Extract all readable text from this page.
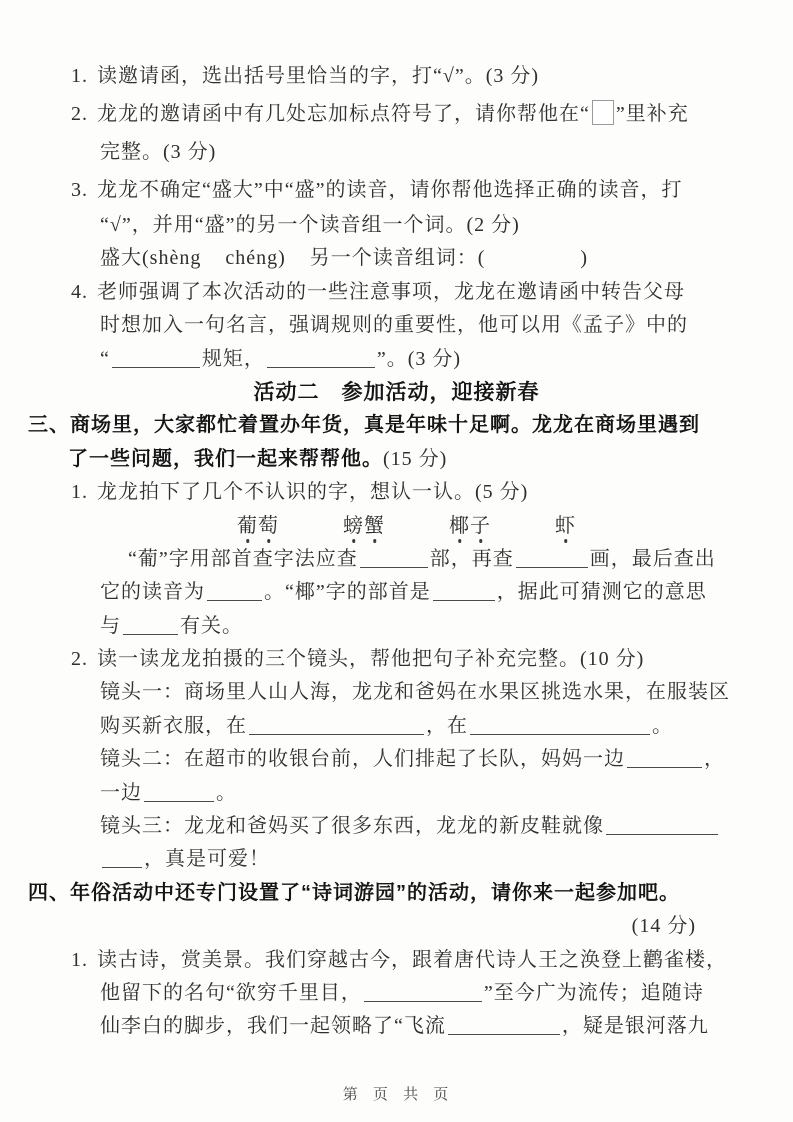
1. 读邀请函，选出括号里恰当的字，打“√”。(3 分)
2. 龙龙的邀请函中有几处忘加标点符号了，请你帮他在“ ”里补充
完整。(3 分)
3. 龙龙不确定“盛大”中“盛”的读音，请你帮他选择正确的读音，打
“√”，并用“盛”的另一个读音组一个词。(2 分)
盛大(shèng    chéng)    另一个读音组词：(	)
4. 老师强调了本次活动的一些注意事项，龙龙在邀请函中转告父母
时想加入一句名言，强调规则的重要性，他可以用《孟子》中的
“	规矩，	”。(3 分)
活动二　参加活动，迎接新春
三、商场里，大家都忙着置办年货，真是年味十足啊。龙龙在商场里遇到
了一些问题，我们一起来帮帮他。(15 分)
1. 龙龙拍下了几个不认识的字，想认一认。(5 分)
葡萄	螃蟹	椰子	虾
“葡”字用部首查字法应查	部，再查	画，最后查出
它的读音为	。“椰”字的部首是	，据此可猜测它的意思
与	有关。
2. 读一读龙龙拍摄的三个镜头，帮他把句子补充完整。(10 分)
镜头一：商场里人山人海，龙龙和爸妈在水果区挑选水果，在服装区
购买新衣服，在	，在	。
镜头二：在超市的收银台前，人们排起了长队，妈妈一边	，
一边	。
镜头三：龙龙和爸妈买了很多东西，龙龙的新皮鞋就像
，真是可爱！
四、年俗活动中还专门设置了“诗词游园”的活动，请你来一起参加吧。
(14 分)
1. 读古诗，赏美景。我们穿越古今，跟着唐代诗人王之涣登上鹳雀楼，
他留下的名句“欲穷千里目，	”至今广为流传；追随诗
仙李白的脚步，我们一起领略了“飞流	，疑是银河落九
第 页 共 页
